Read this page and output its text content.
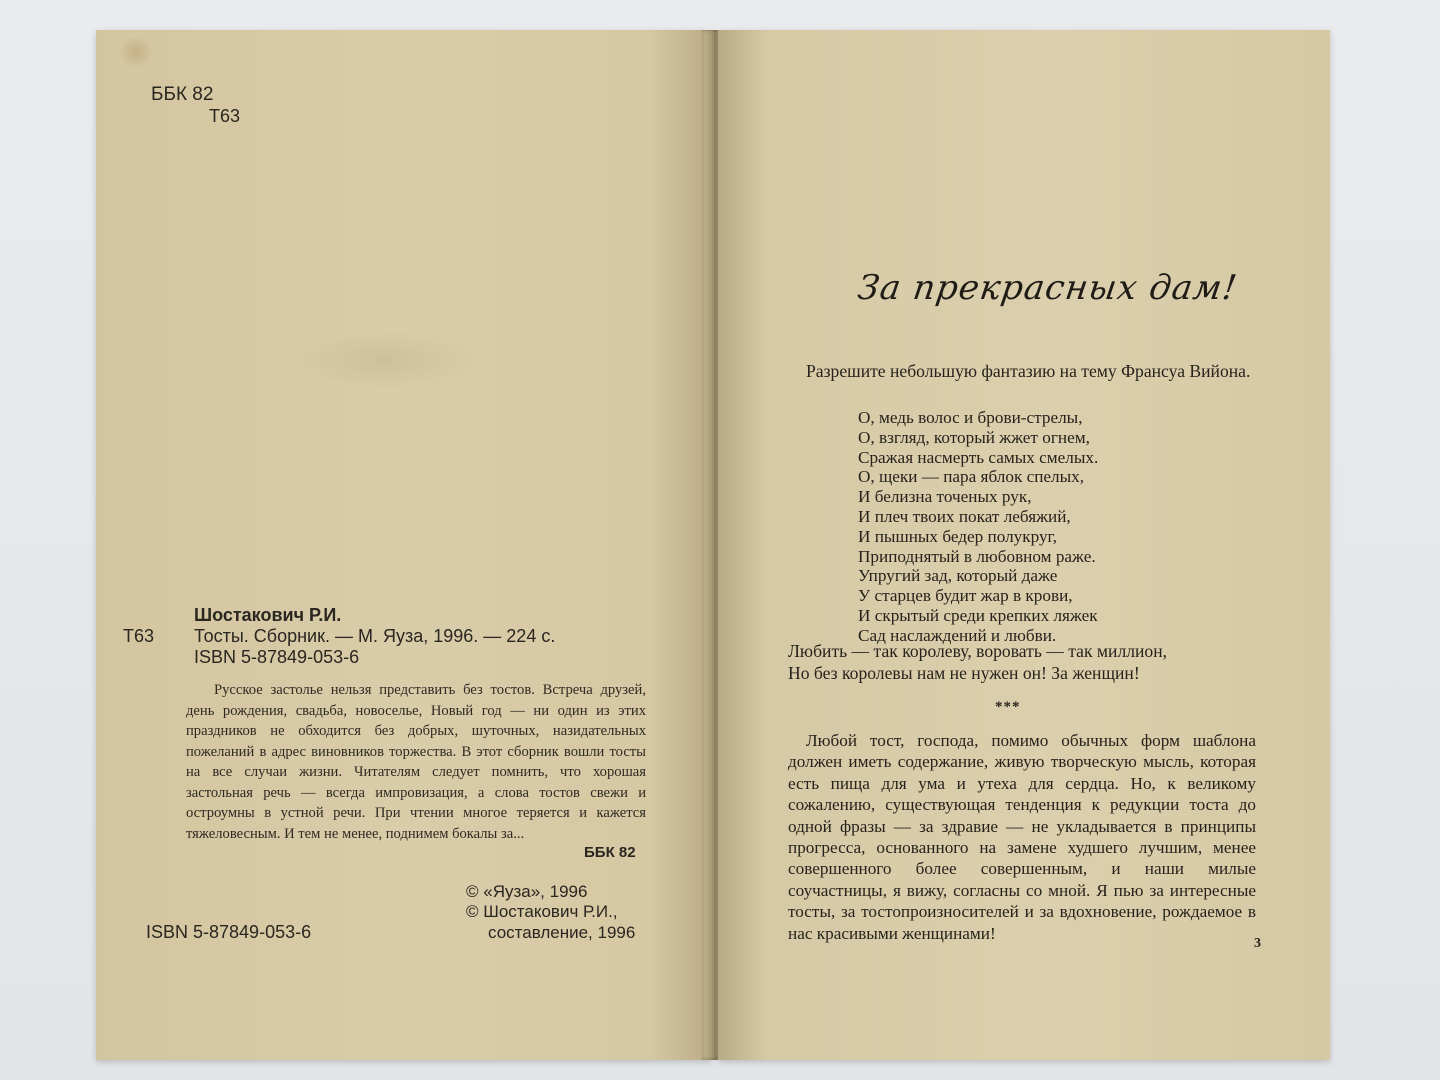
ББК 82
Т63
Шостакович Р.И.
Т63 Тосты. Сборник. — М. Яуза, 1996. — 224 с.
ISBN 5-87849-053-6
Русское застолье нельзя представить без тостов. Встреча друзей, день рождения, свадьба, новоселье, Новый год — ни один из этих праздников не обходится без добрых, шуточных, назидательных пожеланий в адрес виновников торжества. В этот сборник вошли тосты на все случаи жизни. Читателям следует помнить, что хорошая застольная речь — всегда импровизация, а слова тостов свежи и остроумны в устной речи. При чтении многое теряется и кажется тяжеловесным. И тем не менее, поднимем бокалы за...
ББК 82
© «Яуза», 1996
© Шостакович Р.И.,
составление, 1996
ISBN 5-87849-053-6
За прекрасных дам!
Разрешите небольшую фантазию на тему Франсуа Вийона.
О, медь волос и брови-стрелы,
О, взгляд, который жжет огнем,
Сражая насмерть самых смелых.
О, щеки — пара яблок спелых,
И белизна точеных рук,
И плеч твоих покат лебяжий,
И пышных бедер полукруг,
Приподнятый в любовном раже.
Упругий зад, который даже
У старцев будит жар в крови,
И скрытый среди крепких ляжек
Сад наслаждений и любви.
Любить — так королеву, воровать — так миллион,
Но без королевы нам не нужен он! За женщин!
***
Любой тост, господа, помимо обычных форм шаблона должен иметь содержание, живую творческую мысль, которая есть пища для ума и утеха для сердца. Но, к великому сожалению, существующая тенденция к редукции тоста до одной фразы — за здравие — не укладывается в принципы прогресса, основанного на замене худшего лучшим, менее совершенного более совершенным, и наши милые соучастницы, я вижу, согласны со мной. Я пью за интересные тосты, за тостопроизносителей и за вдохновение, рождаемое в нас красивыми женщинами!
3
